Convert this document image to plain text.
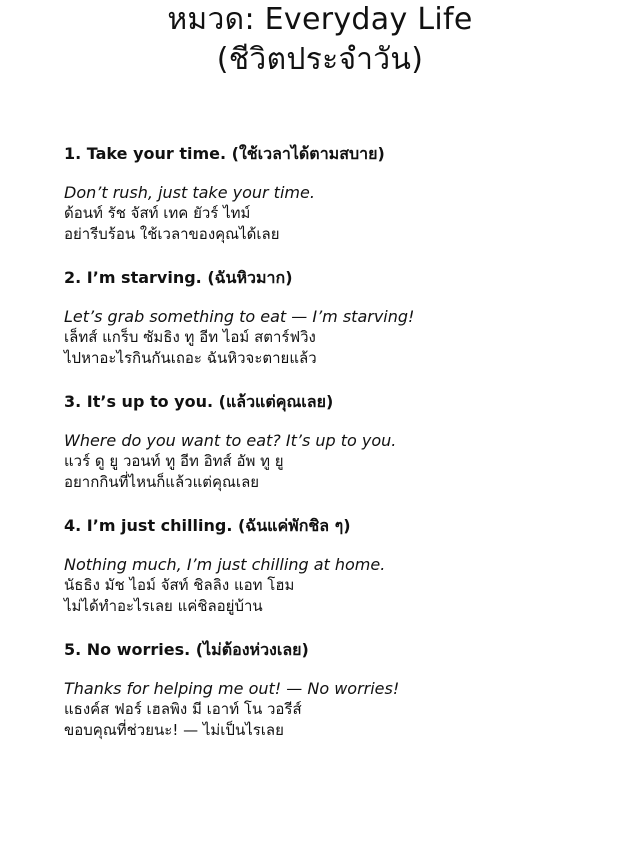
หมวด: Everyday Life
(ชีวิตประจำวัน)
1. Take your time. (ใช้เวลาได้ตามสบาย)
Don’t rush, just take your time.
ด้อนท์ รัช จัสท์ เทค ยัวร์ ไทม์
อย่ารีบร้อน ใช้เวลาของคุณได้เลย
2. I’m starving. (ฉันหิวมาก)
Let’s grab something to eat — I’m starving!
เล็ทส์ แกร็บ ซัมธิง ทู อีท ไอม์ สตาร์ฟวิง
ไปหาอะไรกินกันเถอะ ฉันหิวจะตายแล้ว
3. It’s up to you. (แล้วแต่คุณเลย)
Where do you want to eat? It’s up to you.
แวร์ ดู ยู วอนท์ ทู อีท อิทส์ อัพ ทู ยู
อยากกินที่ไหนก็แล้วแต่คุณเลย
4. I’m just chilling. (ฉันแค่พักชิล ๆ)
Nothing much, I’m just chilling at home.
นัธธิง มัช ไอม์ จัสท์ ชิลลิง แอท โฮม
ไม่ได้ทำอะไรเลย แค่ชิลอยู่บ้าน
5. No worries. (ไม่ต้องห่วงเลย)
Thanks for helping me out! — No worries!
แธงค์ส ฟอร์ เฮลพิง มี เอาท์ โน วอรีส์
ขอบคุณที่ช่วยนะ! — ไม่เป็นไรเลย
